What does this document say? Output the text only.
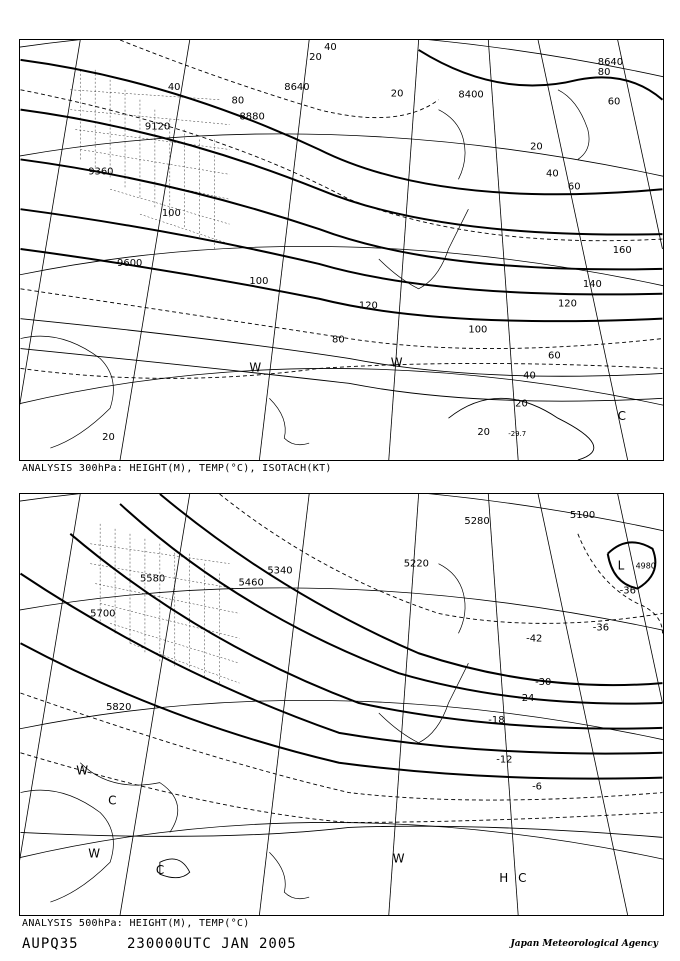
8640
8640
8400
8880
9120
9360
9600
80
40
60
40
100
100
120
40
20
80
60
80
100
120
140
160
60
40
20
20
20
20
20
-29.7
W	W
C
ANALYSIS 300hPa: HEIGHT(M), TEMP(°C), ISOTACH(KT)
5280
5100
5220
5340
5460
5580
5700
5820
4980
-36
-36
-42
-30
-24
-18
-12
-6
L
W
C
W
C
W
H C
ANALYSIS 500hPa: HEIGHT(M), TEMP(°C)
AUPQ35	230000UTC JAN 2005	Japan Meteorological Agency
